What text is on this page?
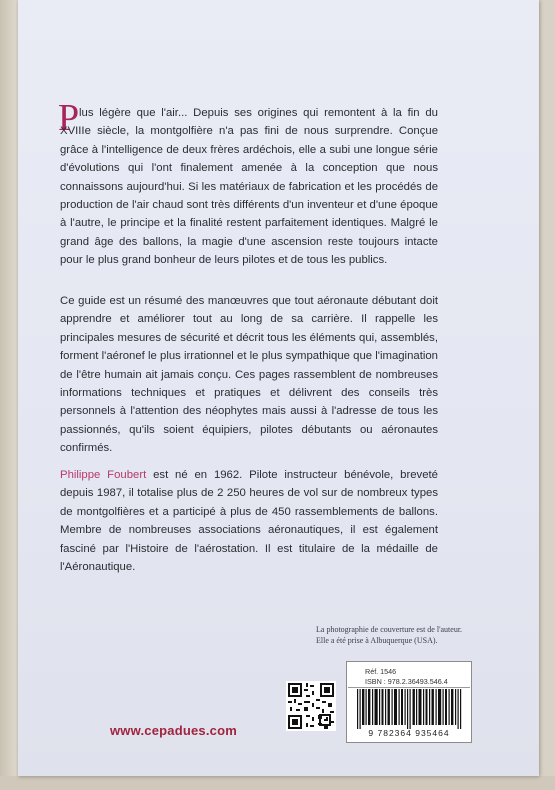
P lus légère que l'air... Depuis ses origines qui remontent à la fin du XVIIIe siècle, la montgolfière n'a pas fini de nous surprendre. Conçue grâce à l'intelligence de deux frères ardéchois, elle a subi une longue série d'évolutions qui l'ont finalement amenée à la conception que nous connaissons aujourd'hui. Si les matériaux de fabrication et les procédés de production de l'air chaud sont très différents d'un inventeur et d'une époque à l'autre, le principe et la finalité restent parfaitement identiques. Malgré le grand âge des ballons, la magie d'une ascension reste toujours intacte pour le plus grand bonheur de leurs pilotes et de tous les publics.

Ce guide est un résumé des manœuvres que tout aéronaute débutant doit apprendre et améliorer tout au long de sa carrière. Il rappelle les principales mesures de sécurité et décrit tous les éléments qui, assemblés, forment l'aéronef le plus irrationnel et le plus sympathique que l'imagination de l'être humain ait jamais conçu. Ces pages rassemblent de nombreuses informations techniques et pratiques et délivrent des conseils très personnels à l'attention des néophytes mais aussi à l'adresse de tous les passionnés, qu'ils soient équipiers, pilotes débutants ou aéronautes confirmés.

Philippe Foubert est né en 1962. Pilote instructeur bénévole, breveté depuis 1987, il totalise plus de 2 250 heures de vol sur de nombreux types de montgolfières et a participé à plus de 450 rassemblements de ballons. Membre de nombreuses associations aéronautiques, il est également fasciné par l'Histoire de l'aérostation. Il est titulaire de la médaille de l'Aéronautique.

La photographie de couverture est de l'auteur. Elle a été prise à Albuquerque (USA).

www.cepadues.com
Réf. 1546
ISBN : 978.2.36493.546.4
9 782364 935464
